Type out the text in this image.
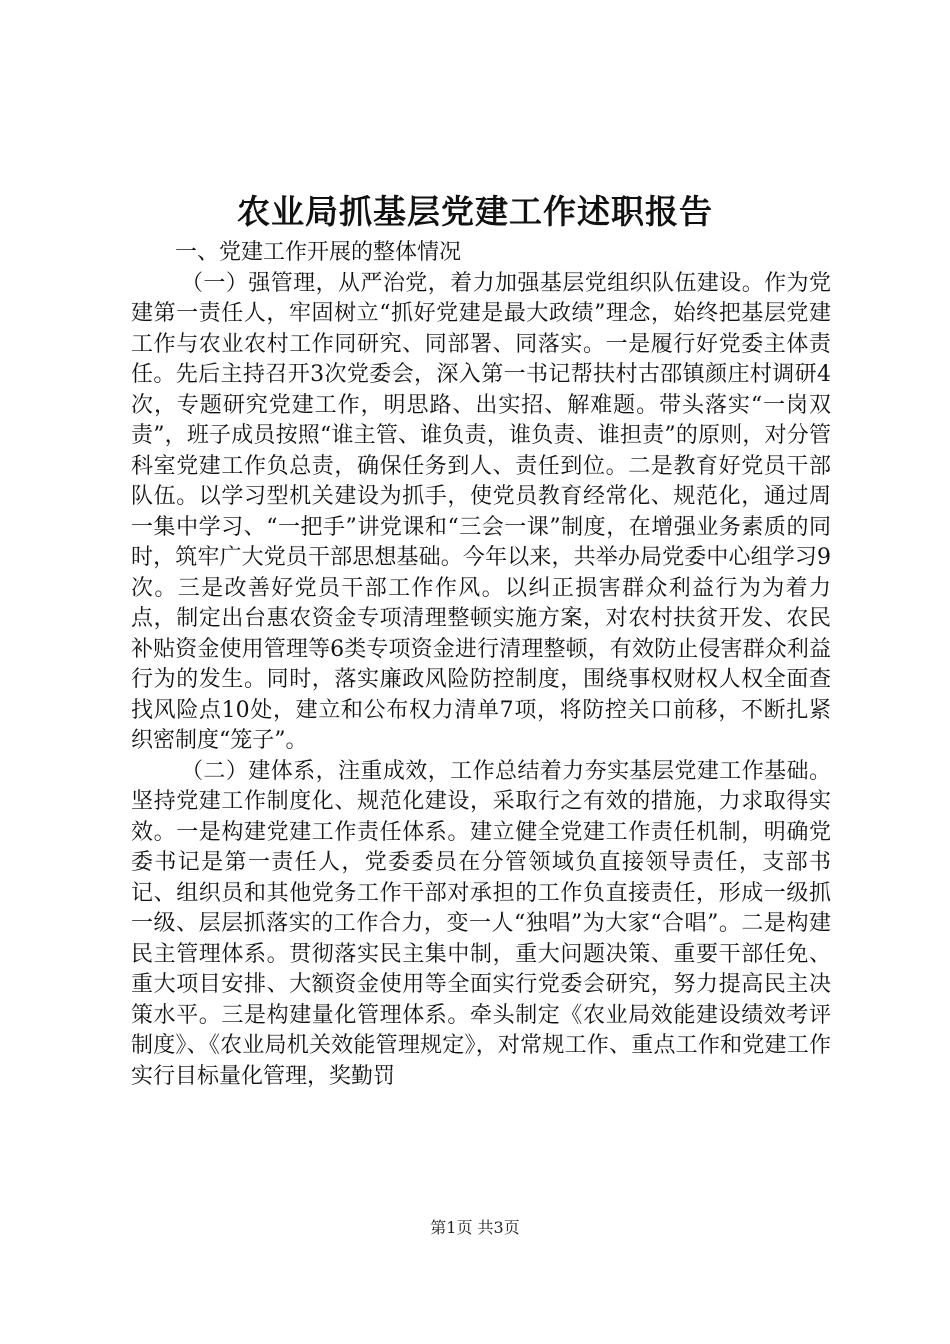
农业局抓基层党建工作述职报告

一、党建工作开展的整体情况

（一）强管理，从严治党，着力加强基层党组织队伍建设。作为党建第一责任人，牢固树立“抓好党建是最大政绩”理念，始终把基层党建工作与农业农村工作同研究、同部署、同落实。一是履行好党委主体责任。先后主持召开3次党委会，深入第一书记帮扶村古邵镇颜庄村调研4次，专题研究党建工作，明思路、出实招、解难题。带头落实“一岗双责”，班子成员按照“谁主管、谁负责，谁负责、谁担责”的原则，对分管科室党建工作负总责，确保任务到人、责任到位。二是教育好党员干部队伍。以学习型机关建设为抓手，使党员教育经常化、规范化，通过周一集中学习、“一把手”讲党课和“三会一课”制度，在增强业务素质的同时，筑牢广大党员干部思想基础。今年以来，共举办局党委中心组学习9次。三是改善好党员干部工作作风。以纠正损害群众利益行为为着力点，制定出台惠农资金专项清理整顿实施方案，对农村扶贫开发、农民补贴资金使用管理等6类专项资金进行清理整顿，有效防止侵害群众利益行为的发生。同时，落实廉政风险防控制度，围绕事权财权人权全面查找风险点10处，建立和公布权力清单7项，将防控关口前移，不断扎紧织密制度“笼子”。

（二）建体系，注重成效，工作总结着力夯实基层党建工作基础。坚持党建工作制度化、规范化建设，采取行之有效的措施，力求取得实效。一是构建党建工作责任体系。建立健全党建工作责任机制，明确党委书记是第一责任人，党委委员在分管领域负直接领导责任，支部书记、组织员和其他党务工作干部对承担的工作负直接责任，形成一级抓一级、层层抓落实的工作合力，变一人“独唱”为大家“合唱”。二是构建民主管理体系。贯彻落实民主集中制，重大问题决策、重要干部任免、重大项目安排、大额资金使用等全面实行党委会研究，努力提高民主决策水平。三是构建量化管理体系。牵头制定《农业局效能建设绩效考评制度》、《农业局机关效能管理规定》，对常规工作、重点工作和党建工作实行目标量化管理，奖勤罚

第1页 共3页
